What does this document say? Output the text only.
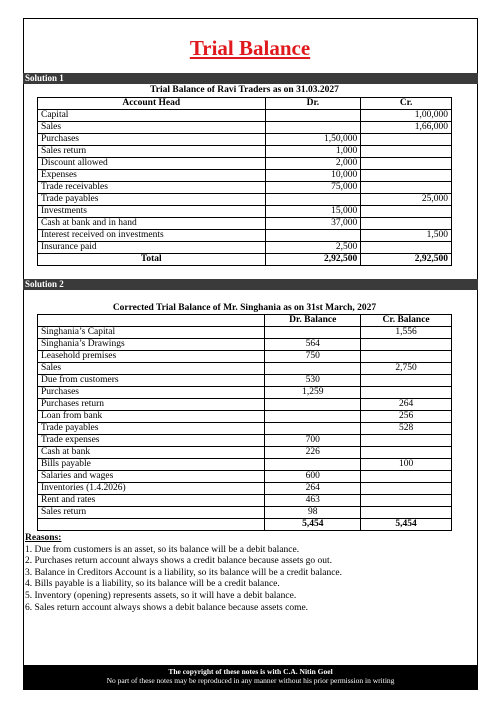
Trial Balance
Solution 1
Trial Balance of Ravi Traders as on 31.03.2027
Account Head	Dr.	Cr.
Capital		1,00,000
Sales		1,66,000
Purchases	1,50,000	
Sales return	1,000	
Discount allowed	2,000	
Expenses	10,000	
Trade receivables	75,000	
Trade payables		25,000
Investments	15,000	
Cash at bank and in hand	37,000	
Interest received on investments		1,500
Insurance paid	2,500	
Total	2,92,500	2,92,500
Solution 2
Corrected Trial Balance of Mr. Singhania as on 31st March, 2027
	Dr. Balance	Cr. Balance
Singhania’s Capital		1,556
Singhania’s Drawings	564	
Leasehold premises	750	
Sales		2,750
Due from customers	530	
Purchases	1,259	
Purchases return		264
Loan from bank		256
Trade payables		528
Trade expenses	700	
Cash at bank	226	
Bills payable		100
Salaries and wages	600	
Inventories (1.4.2026)	264	
Rent and rates	463	
Sales return	98	
	5,454	5,454
Reasons:
1. Due from customers is an asset, so its balance will be a debit balance.
2. Purchases return account always shows a credit balance because assets go out.
3. Balance in Creditors Account is a liability, so its balance will be a credit balance.
4. Bills payable is a liability, so its balance will be a credit balance.
5. Inventory (opening) represents assets, so it will have a debit balance.
6. Sales return account always shows a debit balance because assets come.
The copyright of these notes is with C.A. Nitin Goel
No part of these notes may be reproduced in any manner without his prior permission in writing
